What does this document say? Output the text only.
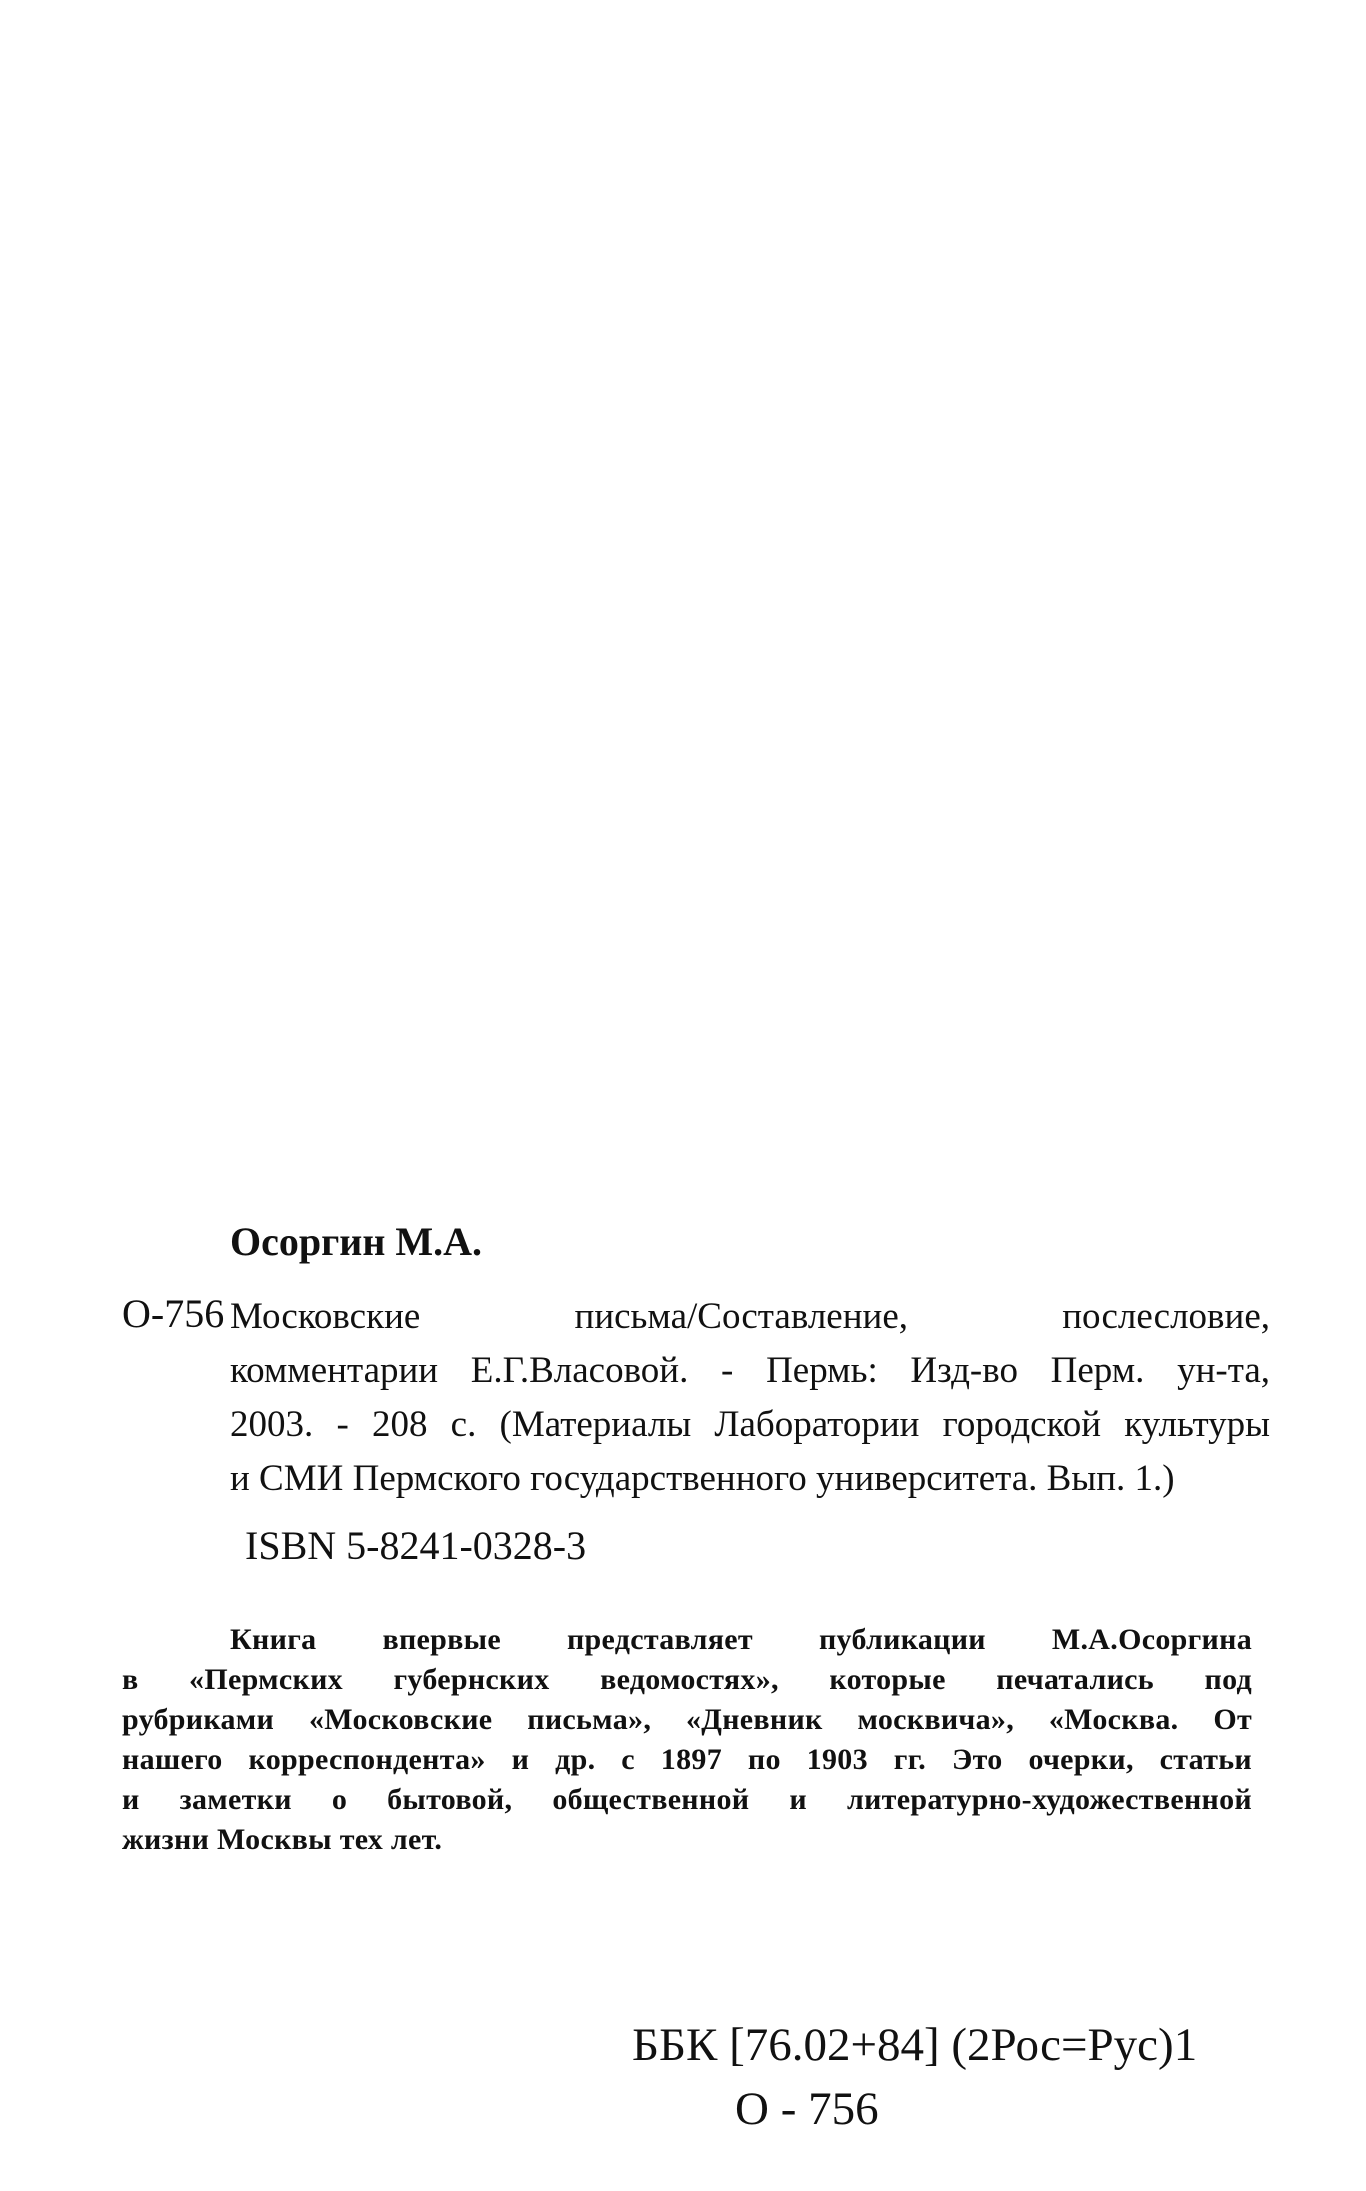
Осоргин М.А.
О-756 Московские письма/Составление, послесловие,
комментарии Е.Г.Власовой. - Пермь: Изд-во Перм. ун-та,
2003. - 208 с. (Материалы Лаборатории городской культуры
и СМИ Пермского государственного университета. Вып. 1.)
ISBN 5-8241-0328-3
Книга впервые представляет публикации М.А.Осоргина
в «Пермских губернских ведомостях», которые печатались под
рубриками «Московские письма», «Дневник москвича», «Москва. От
нашего корреспондента» и др. с 1897 по 1903 гг. Это очерки, статьи
и заметки о бытовой, общественной и литературно-художественной
жизни Москвы тех лет.
ББК [76.02+84] (2Рос=Рус)1
О - 756
